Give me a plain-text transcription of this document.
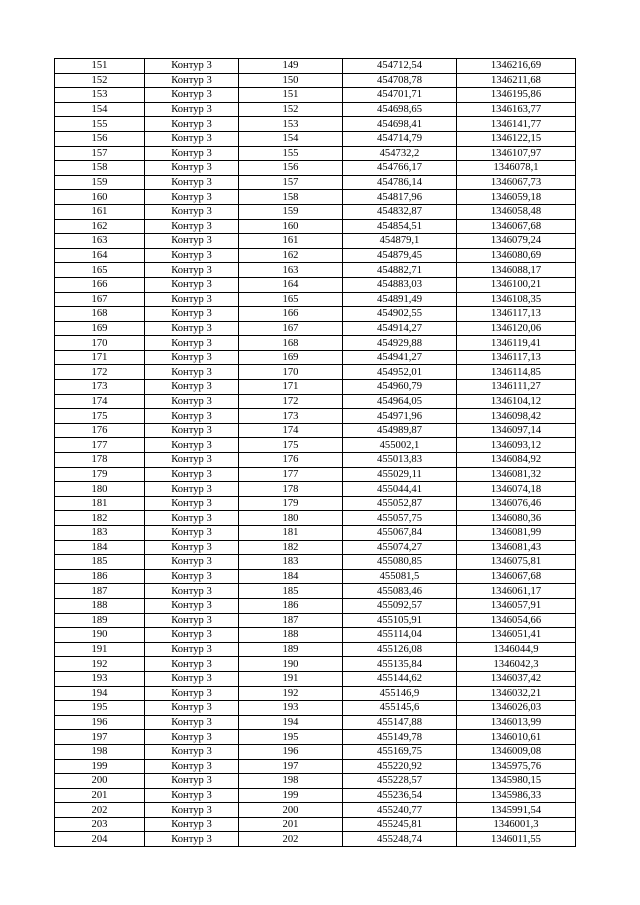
151	Контур 3	149	454712,54	1346216,69
152	Контур 3	150	454708,78	1346211,68
153	Контур 3	151	454701,71	1346195,86
154	Контур 3	152	454698,65	1346163,77
155	Контур 3	153	454698,41	1346141,77
156	Контур 3	154	454714,79	1346122,15
157	Контур 3	155	454732,2	1346107,97
158	Контур 3	156	454766,17	1346078,1
159	Контур 3	157	454786,14	1346067,73
160	Контур 3	158	454817,96	1346059,18
161	Контур 3	159	454832,87	1346058,48
162	Контур 3	160	454854,51	1346067,68
163	Контур 3	161	454879,1	1346079,24
164	Контур 3	162	454879,45	1346080,69
165	Контур 3	163	454882,71	1346088,17
166	Контур 3	164	454883,03	1346100,21
167	Контур 3	165	454891,49	1346108,35
168	Контур 3	166	454902,55	1346117,13
169	Контур 3	167	454914,27	1346120,06
170	Контур 3	168	454929,88	1346119,41
171	Контур 3	169	454941,27	1346117,13
172	Контур 3	170	454952,01	1346114,85
173	Контур 3	171	454960,79	1346111,27
174	Контур 3	172	454964,05	1346104,12
175	Контур 3	173	454971,96	1346098,42
176	Контур 3	174	454989,87	1346097,14
177	Контур 3	175	455002,1	1346093,12
178	Контур 3	176	455013,83	1346084,92
179	Контур 3	177	455029,11	1346081,32
180	Контур 3	178	455044,41	1346074,18
181	Контур 3	179	455052,87	1346076,46
182	Контур 3	180	455057,75	1346080,36
183	Контур 3	181	455067,84	1346081,99
184	Контур 3	182	455074,27	1346081,43
185	Контур 3	183	455080,85	1346075,81
186	Контур 3	184	455081,5	1346067,68
187	Контур 3	185	455083,46	1346061,17
188	Контур 3	186	455092,57	1346057,91
189	Контур 3	187	455105,91	1346054,66
190	Контур 3	188	455114,04	1346051,41
191	Контур 3	189	455126,08	1346044,9
192	Контур 3	190	455135,84	1346042,3
193	Контур 3	191	455144,62	1346037,42
194	Контур 3	192	455146,9	1346032,21
195	Контур 3	193	455145,6	1346026,03
196	Контур 3	194	455147,88	1346013,99
197	Контур 3	195	455149,78	1346010,61
198	Контур 3	196	455169,75	1346009,08
199	Контур 3	197	455220,92	1345975,76
200	Контур 3	198	455228,57	1345980,15
201	Контур 3	199	455236,54	1345986,33
202	Контур 3	200	455240,77	1345991,54
203	Контур 3	201	455245,81	1346001,3
204	Контур 3	202	455248,74	1346011,55
